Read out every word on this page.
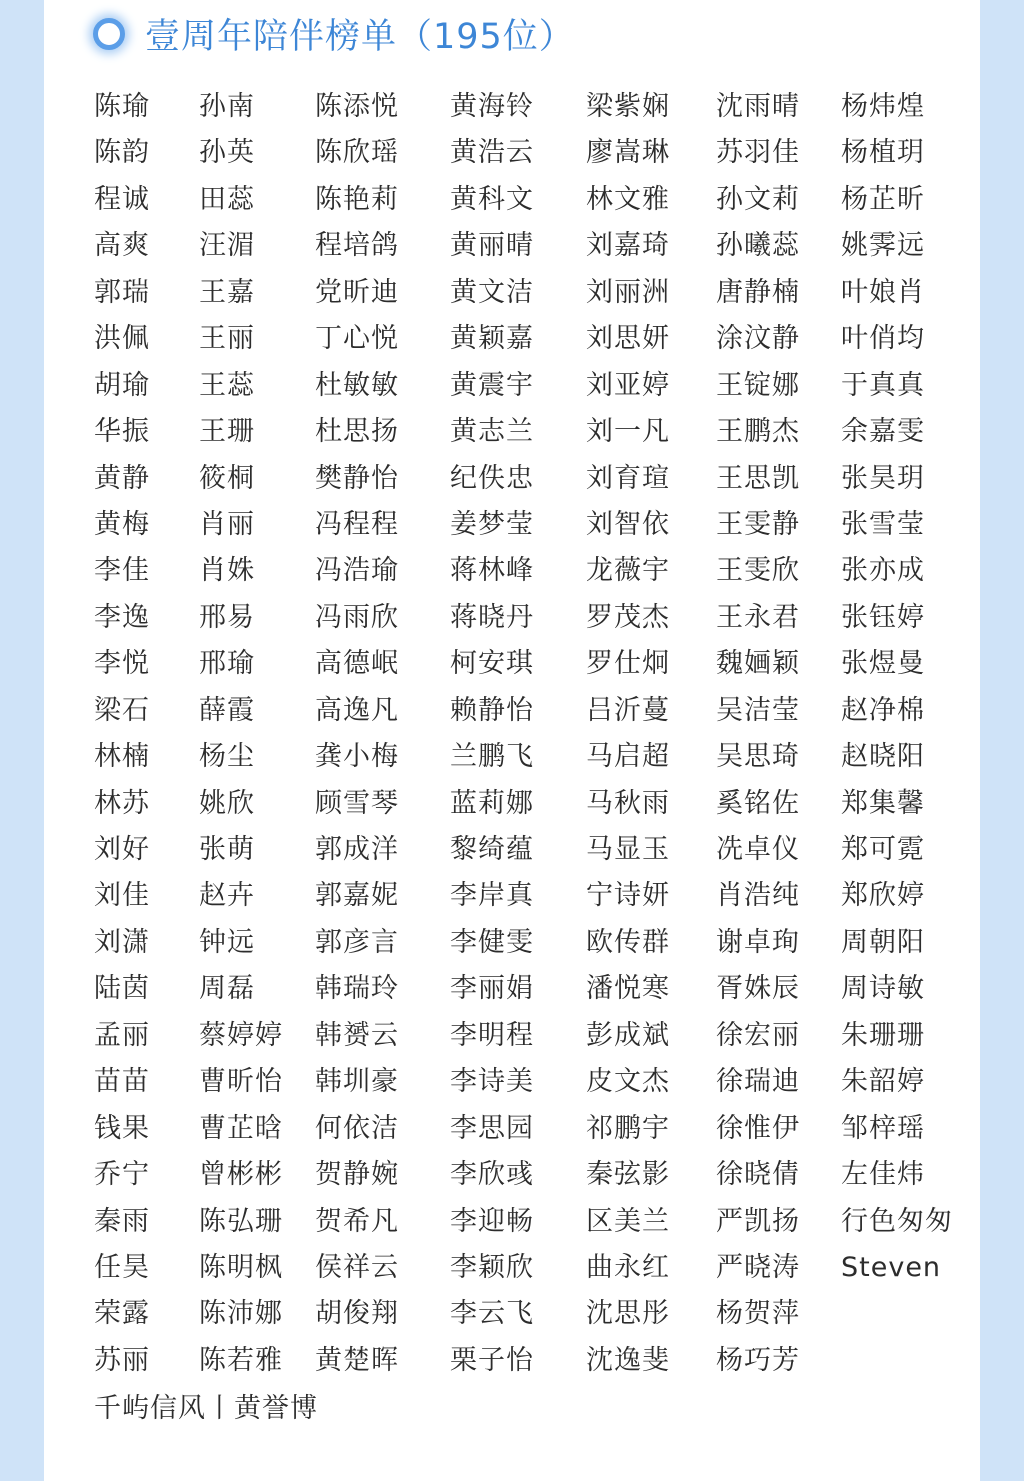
壹周年陪伴榜单（195位）
陈瑜	孙南	陈添悦	黄海铃	梁紫娴	沈雨晴	杨炜煌
陈韵	孙英	陈欣瑶	黄浩云	廖嵩琳	苏羽佳	杨植玥
程诚	田蕊	陈艳莉	黄科文	林文雅	孙文莉	杨芷昕
高爽	汪湄	程培鸽	黄丽晴	刘嘉琦	孙曦蕊	姚霁远
郭瑞	王嘉	党昕迪	黄文洁	刘丽洲	唐静楠	叶娘肖
洪佩	王丽	丁心悦	黄颖嘉	刘思妍	涂汶静	叶俏均
胡瑜	王蕊	杜敏敏	黄震宇	刘亚婷	王锭娜	于真真
华振	王珊	杜思扬	黄志兰	刘一凡	王鹏杰	余嘉雯
黄静	筱桐	樊静怡	纪佚忠	刘育瑄	王思凯	张昊玥
黄梅	肖丽	冯程程	姜梦莹	刘智依	王雯静	张雪莹
李佳	肖姝	冯浩瑜	蒋林峰	龙薇宇	王雯欣	张亦成
李逸	邢易	冯雨欣	蒋晓丹	罗茂杰	王永君	张钰婷
李悦	邢瑜	高德岷	柯安琪	罗仕炯	魏婳颖	张煜曼
梁石	薛霞	高逸凡	赖静怡	吕沂蔓	吴洁莹	赵净棉
林楠	杨尘	龚小梅	兰鹏飞	马启超	吴思琦	赵晓阳
林苏	姚欣	顾雪琴	蓝莉娜	马秋雨	奚铭佐	郑集馨
刘好	张萌	郭成洋	黎绮蕴	马显玉	冼卓仪	郑可霓
刘佳	赵卉	郭嘉妮	李岸真	宁诗妍	肖浩纯	郑欣婷
刘潇	钟远	郭彦言	李健雯	欧传群	谢卓珣	周朝阳
陆茵	周磊	韩瑞玲	李丽娟	潘悦寒	胥姝辰	周诗敏
孟丽	蔡婷婷	韩赟云	李明程	彭成斌	徐宏丽	朱珊珊
苗苗	曹昕怡	韩圳豪	李诗美	皮文杰	徐瑞迪	朱韶婷
钱果	曹芷晗	何依洁	李思园	祁鹏宇	徐惟伊	邹梓瑶
乔宁	曾彬彬	贺静婉	李欣彧	秦弦影	徐晓倩	左佳炜
秦雨	陈弘珊	贺希凡	李迎畅	区美兰	严凯扬	行色匆匆
任昊	陈明枫	侯祥云	李颖欣	曲永红	严晓涛	Steven
荣露	陈沛娜	胡俊翔	李云飞	沈思彤	杨贺萍
苏丽	陈若雅	黄楚晖	栗子怡	沈逸斐	杨巧芳
千屿信风丨黄誉博
